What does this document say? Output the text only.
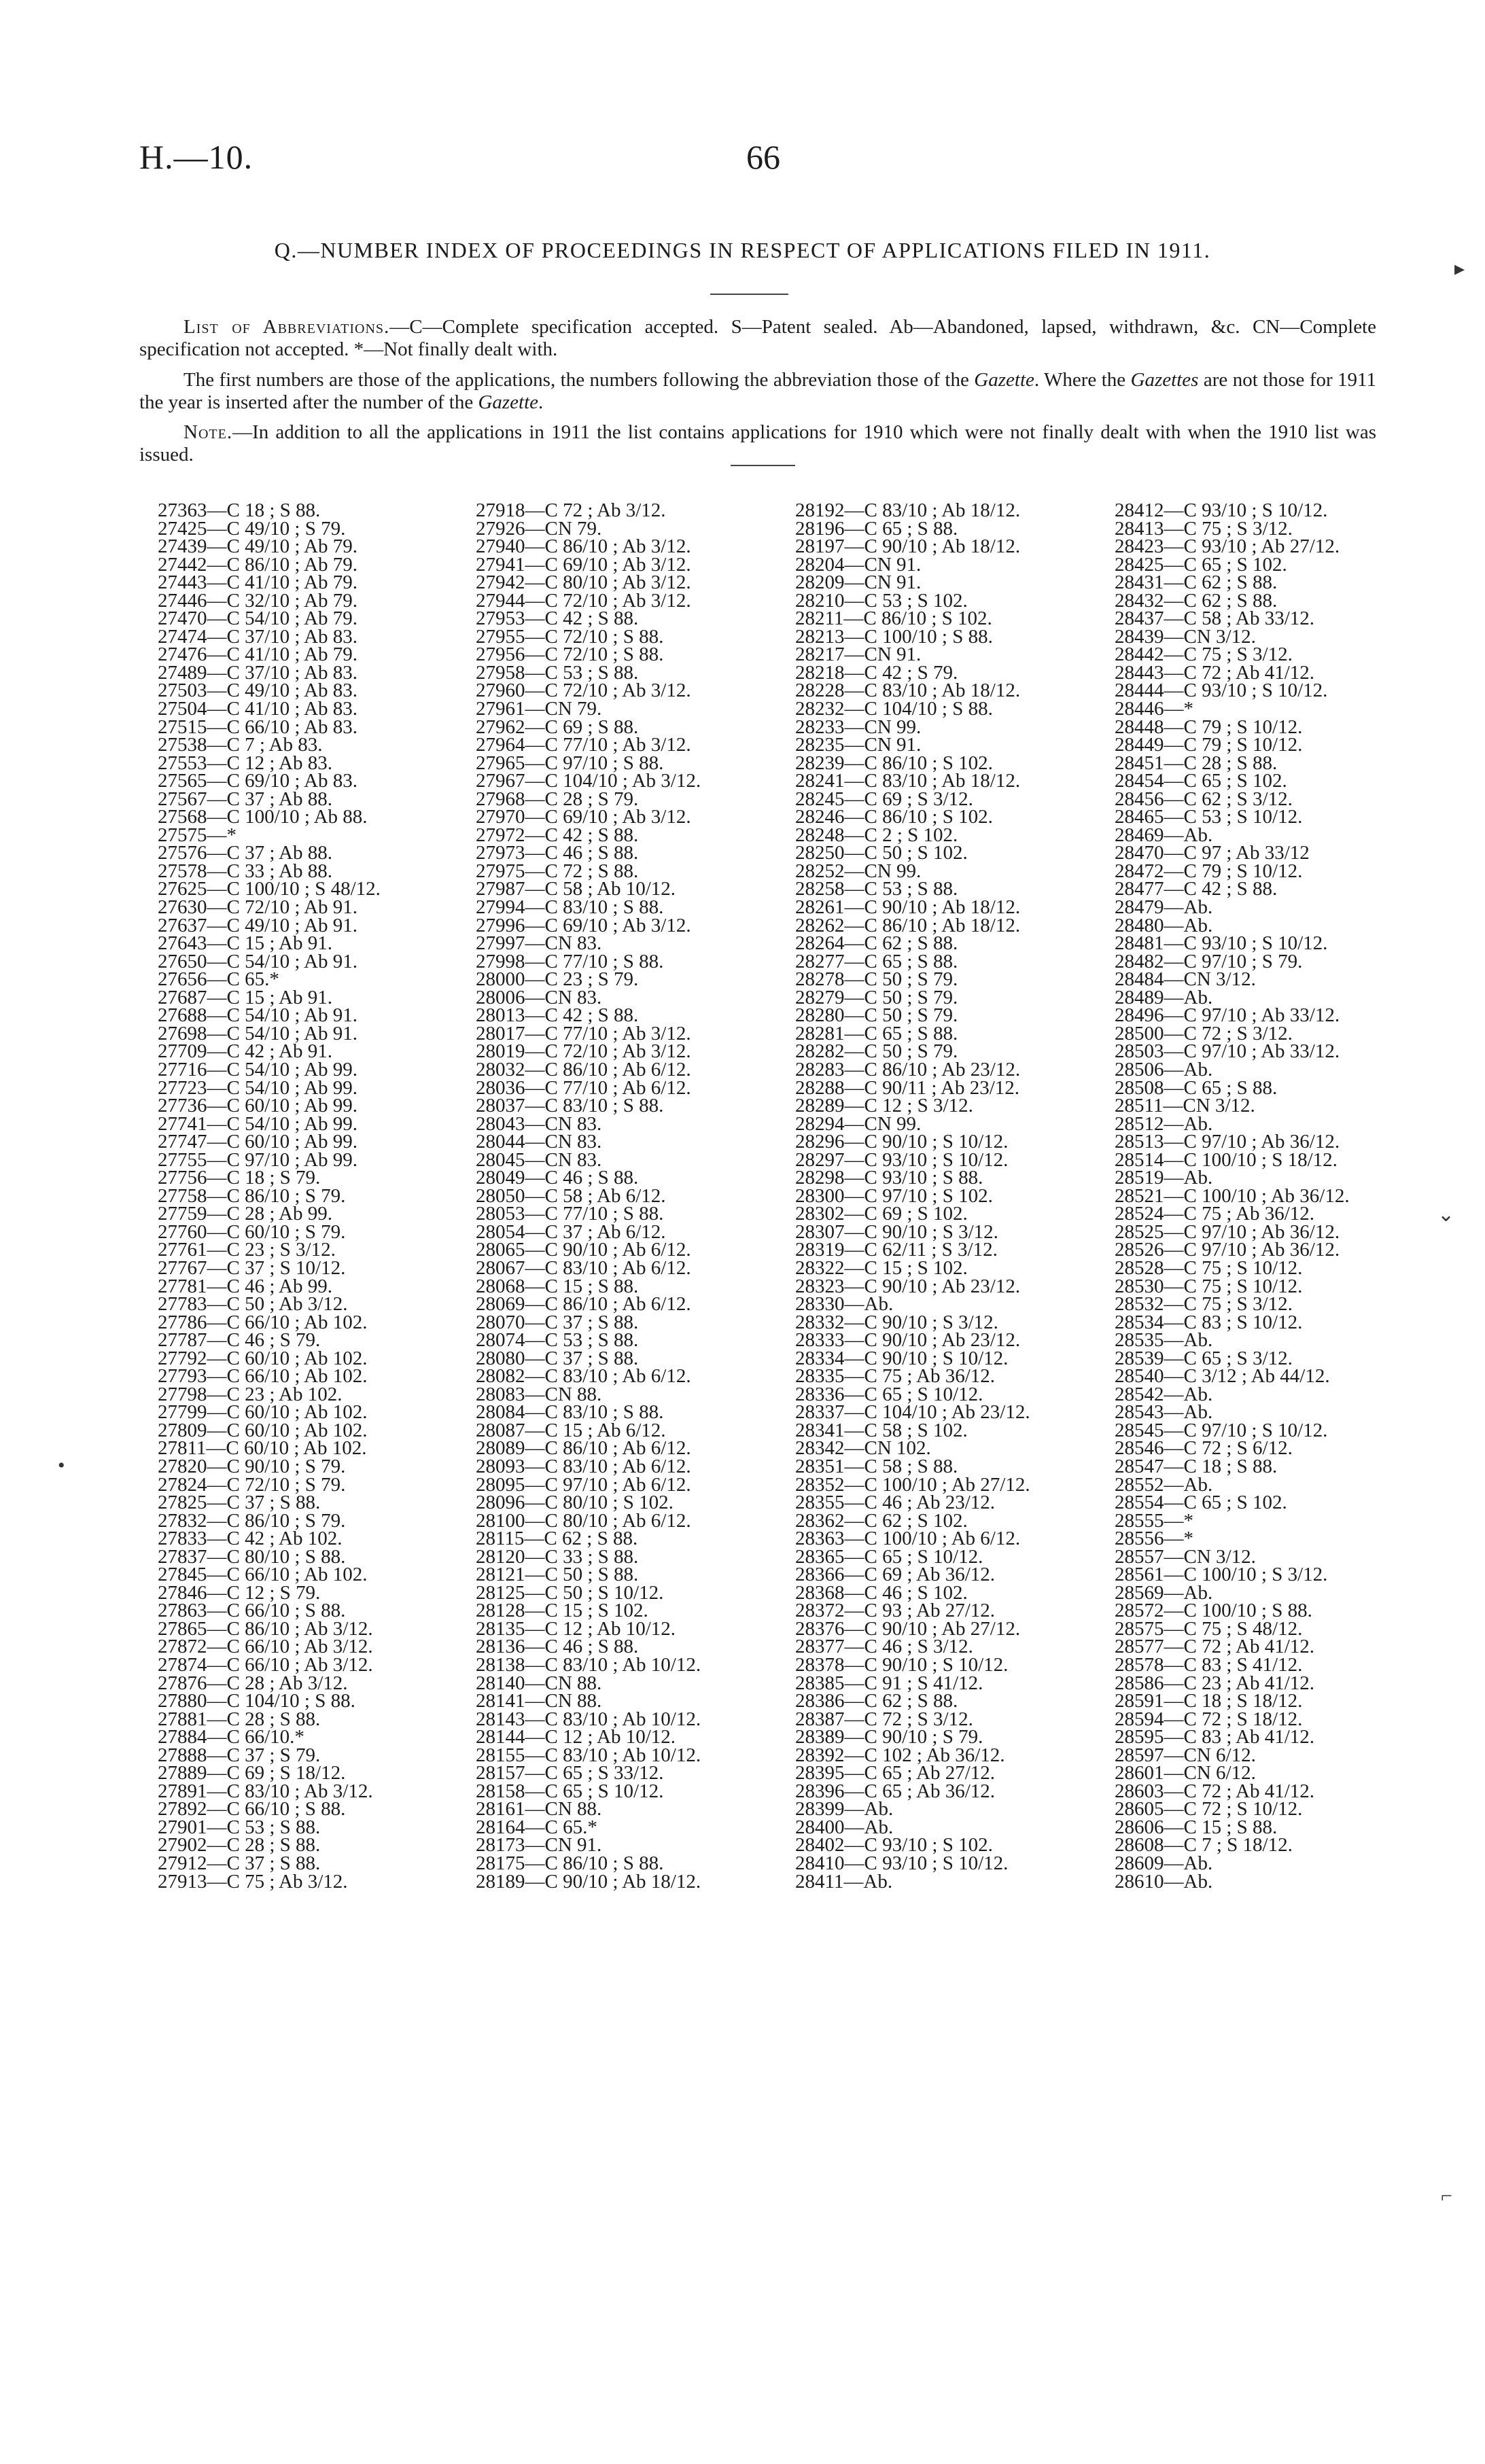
H.—10.	66
Q.—NUMBER INDEX OF PROCEEDINGS IN RESPECT OF APPLICATIONS FILED IN 1911.
List of Abbreviations.—C—Complete specification accepted. S—Patent sealed. Ab—Abandoned, lapsed, withdrawn, &c. CN—Complete specification not accepted. *—Not finally dealt with.
The first numbers are those of the applications, the numbers following the abbreviation those of the Gazette. Where the Gazettes are not those for 1911 the year is inserted after the number of the Gazette.
Note.—In addition to all the applications in 1911 the list contains applications for 1910 which were not finally dealt with when the 1910 list was issued.
27363—C 18 ; S 88.
27425—C 49/10 ; S 79.
27439—C 49/10 ; Ab 79.
27442—C 86/10 ; Ab 79.
27443—C 41/10 ; Ab 79.
27446—C 32/10 ; Ab 79.
27470—C 54/10 ; Ab 79.
27474—C 37/10 ; Ab 83.
27476—C 41/10 ; Ab 79.
27489—C 37/10 ; Ab 83.
27503—C 49/10 ; Ab 83.
27504—C 41/10 ; Ab 83.
27515—C 66/10 ; Ab 83.
27538—C 7 ; Ab 83.
27553—C 12 ; Ab 83.
27565—C 69/10 ; Ab 83.
27567—C 37 ; Ab 88.
27568—C 100/10 ; Ab 88.
27575—*
27576—C 37 ; Ab 88.
27578—C 33 ; Ab 88.
27625—C 100/10 ; S 48/12.
27630—C 72/10 ; Ab 91.
27637—C 49/10 ; Ab 91.
27643—C 15 ; Ab 91.
27650—C 54/10 ; Ab 91.
27656—C 65.*
27687—C 15 ; Ab 91.
27688—C 54/10 ; Ab 91.
27698—C 54/10 ; Ab 91.
27709—C 42 ; Ab 91.
27716—C 54/10 ; Ab 99.
27723—C 54/10 ; Ab 99.
27736—C 60/10 ; Ab 99.
27741—C 54/10 ; Ab 99.
27747—C 60/10 ; Ab 99.
27755—C 97/10 ; Ab 99.
27756—C 18 ; S 79.
27758—C 86/10 ; S 79.
27759—C 28 ; Ab 99.
27760—C 60/10 ; S 79.
27761—C 23 ; S 3/12.
27767—C 37 ; S 10/12.
27781—C 46 ; Ab 99.
27783—C 50 ; Ab 3/12.
27786—C 66/10 ; Ab 102.
27787—C 46 ; S 79.
27792—C 60/10 ; Ab 102.
27793—C 66/10 ; Ab 102.
27798—C 23 ; Ab 102.
27799—C 60/10 ; Ab 102.
27809—C 60/10 ; Ab 102.
27811—C 60/10 ; Ab 102.
27820—C 90/10 ; S 79.
27824—C 72/10 ; S 79.
27825—C 37 ; S 88.
27832—C 86/10 ; S 79.
27833—C 42 ; Ab 102.
27837—C 80/10 ; S 88.
27845—C 66/10 ; Ab 102.
27846—C 12 ; S 79.
27863—C 66/10 ; S 88.
27865—C 86/10 ; Ab 3/12.
27872—C 66/10 ; Ab 3/12.
27874—C 66/10 ; Ab 3/12.
27876—C 28 ; Ab 3/12.
27880—C 104/10 ; S 88.
27881—C 28 ; S 88.
27884—C 66/10.*
27888—C 37 ; S 79.
27889—C 69 ; S 18/12.
27891—C 83/10 ; Ab 3/12.
27892—C 66/10 ; S 88.
27901—C 53 ; S 88.
27902—C 28 ; S 88.
27912—C 37 ; S 88.
27913—C 75 ; Ab 3/12.
27918—C 72 ; Ab 3/12.
27926—CN 79.
27940—C 86/10 ; Ab 3/12.
27941—C 69/10 ; Ab 3/12.
27942—C 80/10 ; Ab 3/12.
27944—C 72/10 ; Ab 3/12.
27953—C 42 ; S 88.
27955—C 72/10 ; S 88.
27956—C 72/10 ; S 88.
27958—C 53 ; S 88.
27960—C 72/10 ; Ab 3/12.
27961—CN 79.
27962—C 69 ; S 88.
27964—C 77/10 ; Ab 3/12.
27965—C 97/10 ; S 88.
27967—C 104/10 ; Ab 3/12.
27968—C 28 ; S 79.
27970—C 69/10 ; Ab 3/12.
27972—C 42 ; S 88.
27973—C 46 ; S 88.
27975—C 72 ; S 88.
27987—C 58 ; Ab 10/12.
27994—C 83/10 ; S 88.
27996—C 69/10 ; Ab 3/12.
27997—CN 83.
27998—C 77/10 ; S 88.
28000—C 23 ; S 79.
28006—CN 83.
28013—C 42 ; S 88.
28017—C 77/10 ; Ab 3/12.
28019—C 72/10 ; Ab 3/12.
28032—C 86/10 ; Ab 6/12.
28036—C 77/10 ; Ab 6/12.
28037—C 83/10 ; S 88.
28043—CN 83.
28044—CN 83.
28045—CN 83.
28049—C 46 ; S 88.
28050—C 58 ; Ab 6/12.
28053—C 77/10 ; S 88.
28054—C 37 ; Ab 6/12.
28065—C 90/10 ; Ab 6/12.
28067—C 83/10 ; Ab 6/12.
28068—C 15 ; S 88.
28069—C 86/10 ; Ab 6/12.
28070—C 37 ; S 88.
28074—C 53 ; S 88.
28080—C 37 ; S 88.
28082—C 83/10 ; Ab 6/12.
28083—CN 88.
28084—C 83/10 ; S 88.
28087—C 15 ; Ab 6/12.
28089—C 86/10 ; Ab 6/12.
28093—C 83/10 ; Ab 6/12.
28095—C 97/10 ; Ab 6/12.
28096—C 80/10 ; S 102.
28100—C 80/10 ; Ab 6/12.
28115—C 62 ; S 88.
28120—C 33 ; S 88.
28121—C 50 ; S 88.
28125—C 50 ; S 10/12.
28128—C 15 ; S 102.
28135—C 12 ; Ab 10/12.
28136—C 46 ; S 88.
28138—C 83/10 ; Ab 10/12.
28140—CN 88.
28141—CN 88.
28143—C 83/10 ; Ab 10/12.
28144—C 12 ; Ab 10/12.
28155—C 83/10 ; Ab 10/12.
28157—C 65 ; S 33/12.
28158—C 65 ; S 10/12.
28161—CN 88.
28164—C 65.*
28173—CN 91.
28175—C 86/10 ; S 88.
28189—C 90/10 ; Ab 18/12.
28192—C 83/10 ; Ab 18/12.
28196—C 65 ; S 88.
28197—C 90/10 ; Ab 18/12.
28204—CN 91.
28209—CN 91.
28210—C 53 ; S 102.
28211—C 86/10 ; S 102.
28213—C 100/10 ; S 88.
28217—CN 91.
28218—C 42 ; S 79.
28228—C 83/10 ; Ab 18/12.
28232—C 104/10 ; S 88.
28233—CN 99.
28235—CN 91.
28239—C 86/10 ; S 102.
28241—C 83/10 ; Ab 18/12.
28245—C 69 ; S 3/12.
28246—C 86/10 ; S 102.
28248—C 2 ; S 102.
28250—C 50 ; S 102.
28252—CN 99.
28258—C 53 ; S 88.
28261—C 90/10 ; Ab 18/12.
28262—C 86/10 ; Ab 18/12.
28264—C 62 ; S 88.
28277—C 65 ; S 88.
28278—C 50 ; S 79.
28279—C 50 ; S 79.
28280—C 50 ; S 79.
28281—C 65 ; S 88.
28282—C 50 ; S 79.
28283—C 86/10 ; Ab 23/12.
28288—C 90/11 ; Ab 23/12.
28289—C 12 ; S 3/12.
28294—CN 99.
28296—C 90/10 ; S 10/12.
28297—C 93/10 ; S 10/12.
28298—C 93/10 ; S 88.
28300—C 97/10 ; S 102.
28302—C 69 ; S 102.
28307—C 90/10 ; S 3/12.
28319—C 62/11 ; S 3/12.
28322—C 15 ; S 102.
28323—C 90/10 ; Ab 23/12.
28330—Ab.
28332—C 90/10 ; S 3/12.
28333—C 90/10 ; Ab 23/12.
28334—C 90/10 ; S 10/12.
28335—C 75 ; Ab 36/12.
28336—C 65 ; S 10/12.
28337—C 104/10 ; Ab 23/12.
28341—C 58 ; S 102.
28342—CN 102.
28351—C 58 ; S 88.
28352—C 100/10 ; Ab 27/12.
28355—C 46 ; Ab 23/12.
28362—C 62 ; S 102.
28363—C 100/10 ; Ab 6/12.
28365—C 65 ; S 10/12.
28366—C 69 ; Ab 36/12.
28368—C 46 ; S 102.
28372—C 93 ; Ab 27/12.
28376—C 90/10 ; Ab 27/12.
28377—C 46 ; S 3/12.
28378—C 90/10 ; S 10/12.
28385—C 91 ; S 41/12.
28386—C 62 ; S 88.
28387—C 72 ; S 3/12.
28389—C 90/10 ; S 79.
28392—C 102 ; Ab 36/12.
28395—C 65 ; Ab 27/12.
28396—C 65 ; Ab 36/12.
28399—Ab.
28400—Ab.
28402—C 93/10 ; S 102.
28410—C 93/10 ; S 10/12.
28411—Ab.
28412—C 93/10 ; S 10/12.
28413—C 75 ; S 3/12.
28423—C 93/10 ; Ab 27/12.
28425—C 65 ; S 102.
28431—C 62 ; S 88.
28432—C 62 ; S 88.
28437—C 58 ; Ab 33/12.
28439—CN 3/12.
28442—C 75 ; S 3/12.
28443—C 72 ; Ab 41/12.
28444—C 93/10 ; S 10/12.
28446—*
28448—C 79 ; S 10/12.
28449—C 79 ; S 10/12.
28451—C 28 ; S 88.
28454—C 65 ; S 102.
28456—C 62 ; S 3/12.
28465—C 53 ; S 10/12.
28469—Ab.
28470—C 97 ; Ab 33/12
28472—C 79 ; S 10/12.
28477—C 42 ; S 88.
28479—Ab.
28480—Ab.
28481—C 93/10 ; S 10/12.
28482—C 97/10 ; S 79.
28484—CN 3/12.
28489—Ab.
28496—C 97/10 ; Ab 33/12.
28500—C 72 ; S 3/12.
28503—C 97/10 ; Ab 33/12.
28506—Ab.
28508—C 65 ; S 88.
28511—CN 3/12.
28512—Ab.
28513—C 97/10 ; Ab 36/12.
28514—C 100/10 ; S 18/12.
28519—Ab.
28521—C 100/10 ; Ab 36/12.
28524—C 75 ; Ab 36/12.
28525—C 97/10 ; Ab 36/12.
28526—C 97/10 ; Ab 36/12.
28528—C 75 ; S 10/12.
28530—C 75 ; S 10/12.
28532—C 75 ; S 3/12.
28534—C 83 ; S 10/12.
28535—Ab.
28539—C 65 ; S 3/12.
28540—C 3/12 ; Ab 44/12.
28542—Ab.
28543—Ab.
28545—C 97/10 ; S 10/12.
28546—C 72 ; S 6/12.
28547—C 18 ; S 88.
28552—Ab.
28554—C 65 ; S 102.
28555—*
28556—*
28557—CN 3/12.
28561—C 100/10 ; S 3/12.
28569—Ab.
28572—C 100/10 ; S 88.
28575—C 75 ; S 48/12.
28577—C 72 ; Ab 41/12.
28578—C 83 ; S 41/12.
28586—C 23 ; Ab 41/12.
28591—C 18 ; S 18/12.
28594—C 72 ; S 18/12.
28595—C 83 ; Ab 41/12.
28597—CN 6/12.
28601—CN 6/12.
28603—C 72 ; Ab 41/12.
28605—C 72 ; S 10/12.
28606—C 15 ; S 88.
28608—C 7 ; S 18/12.
28609—Ab.
28610—Ab.
▸
⌄
⌐
•
